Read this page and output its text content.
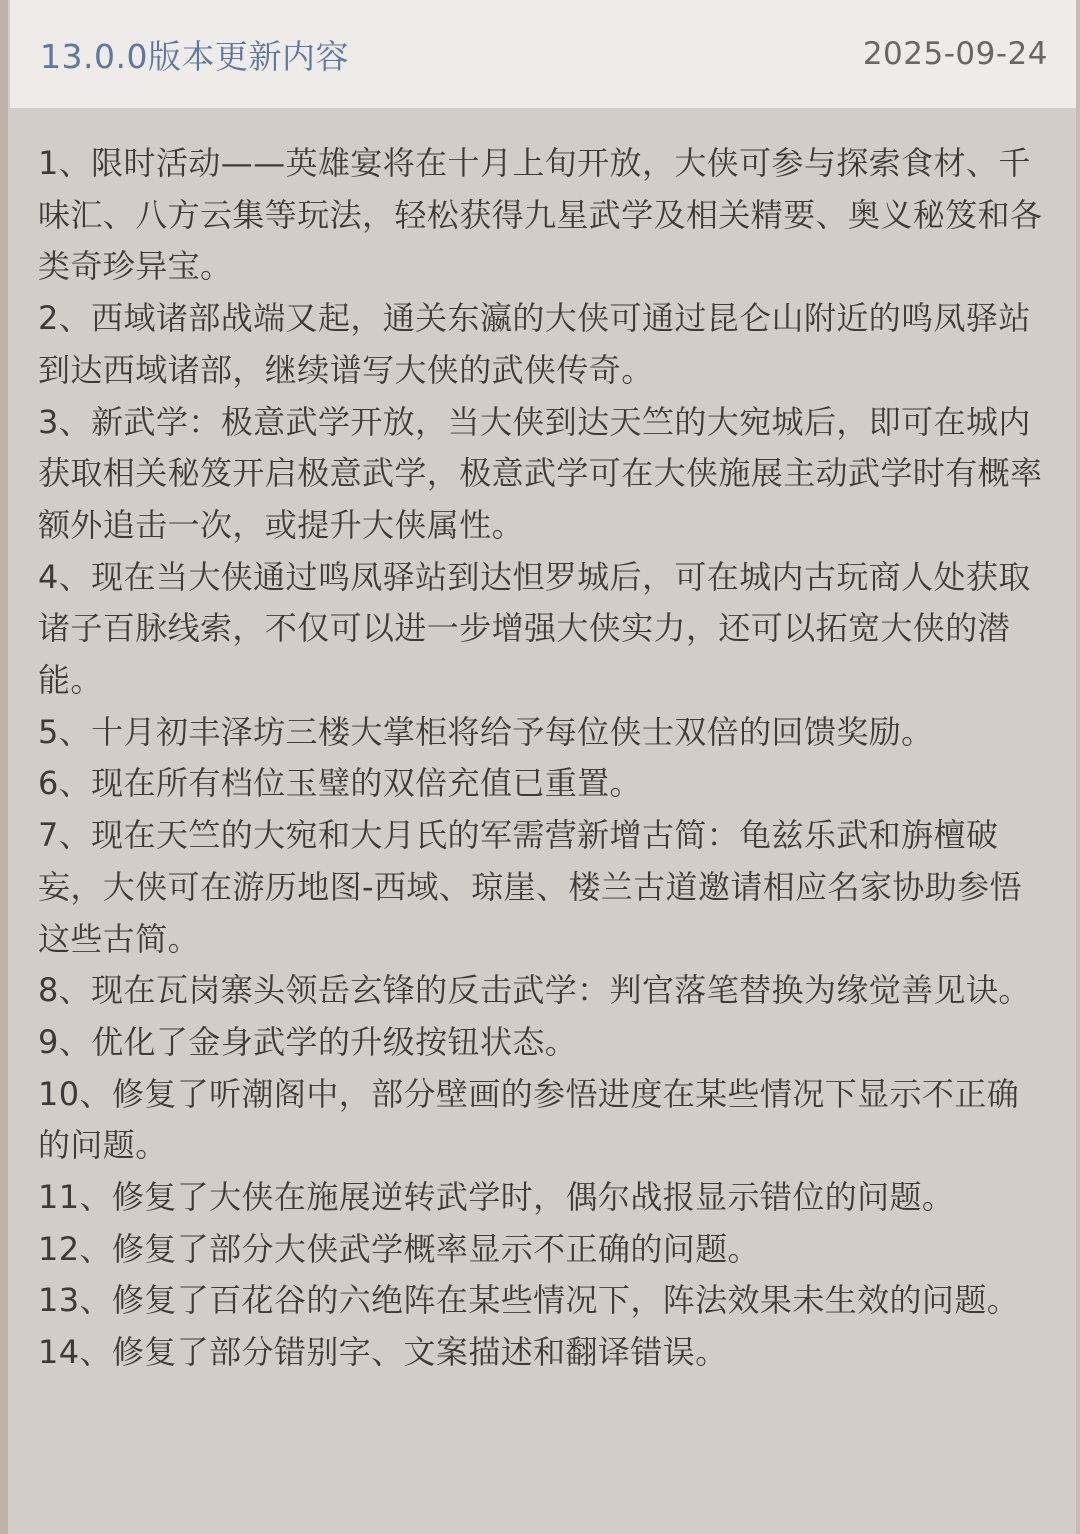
13.0.0版本更新内容	2025-09-24

1、限时活动——英雄宴将在十月上旬开放，大侠可参与探索食材、千味汇、八方云集等玩法，轻松获得九星武学及相关精要、奥义秘笈和各类奇珍异宝。

2、西域诸部战端又起，通关东瀛的大侠可通过昆仑山附近的鸣凤驿站到达西域诸部，继续谱写大侠的武侠传奇。

3、新武学：极意武学开放，当大侠到达天竺的大宛城后，即可在城内获取相关秘笈开启极意武学，极意武学可在大侠施展主动武学时有概率额外追击一次，或提升大侠属性。

4、现在当大侠通过鸣凤驿站到达怛罗城后，可在城内古玩商人处获取诸子百脉线索，不仅可以进一步增强大侠实力，还可以拓宽大侠的潜能。

5、十月初丰泽坊三楼大掌柜将给予每位侠士双倍的回馈奖励。

6、现在所有档位玉璧的双倍充值已重置。

7、现在天竺的大宛和大月氏的军需营新增古简：龟兹乐武和旃檀破妄，大侠可在游历地图-西域、琼崖、楼兰古道邀请相应名家协助参悟这些古简。

8、现在瓦岗寨头领岳玄锋的反击武学：判官落笔替换为缘觉善见诀。

9、优化了金身武学的升级按钮状态。

10、修复了听潮阁中，部分壁画的参悟进度在某些情况下显示不正确的问题。

11、修复了大侠在施展逆转武学时，偶尔战报显示错位的问题。

12、修复了部分大侠武学概率显示不正确的问题。

13、修复了百花谷的六绝阵在某些情况下，阵法效果未生效的问题。

14、修复了部分错别字、文案描述和翻译错误。
